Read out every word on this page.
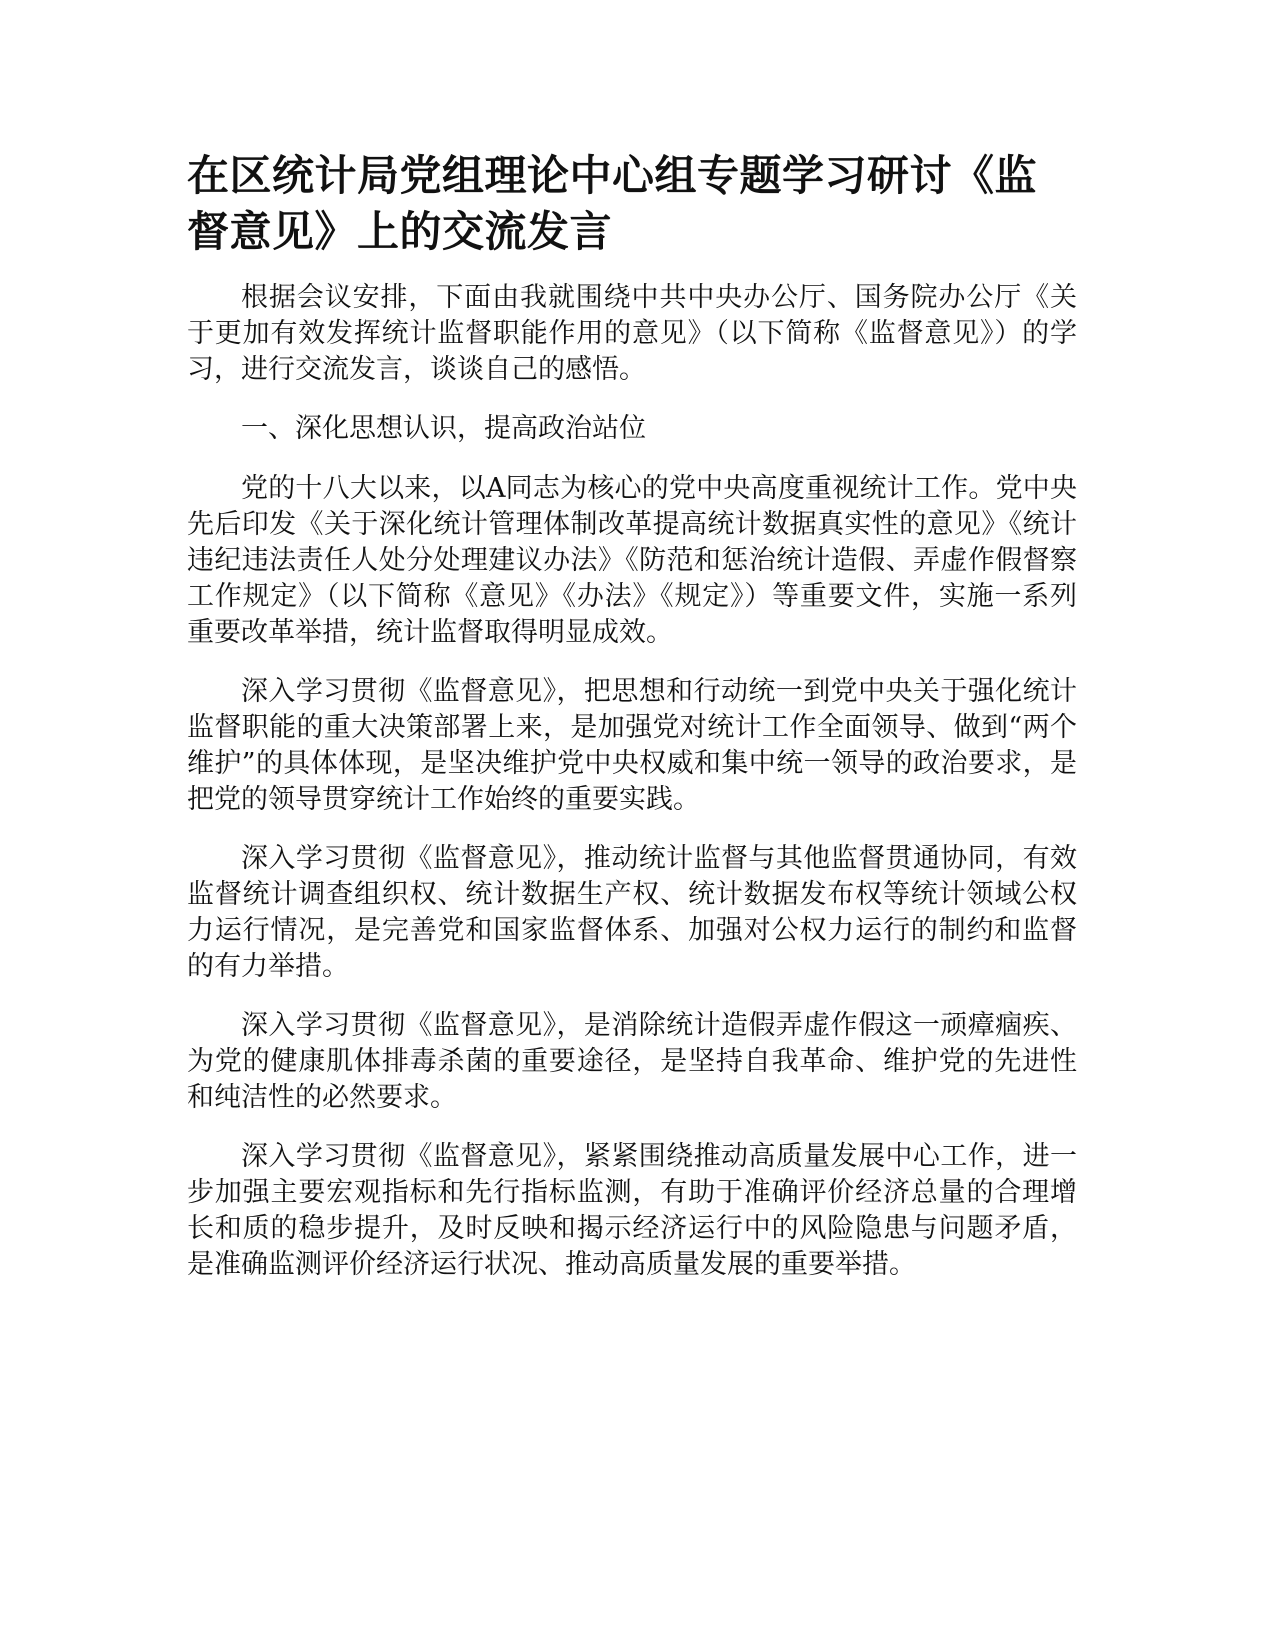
在区统计局党组理论中心组专题学习研讨《监督意见》上的交流发言

根据会议安排，下面由我就围绕中共中央办公厅、国务院办公厅《关于更加有效发挥统计监督职能作用的意见》（以下简称《监督意见》）的学习，进行交流发言，谈谈自己的感悟。

一、深化思想认识，提高政治站位

党的十八大以来，以A同志为核心的党中央高度重视统计工作。党中央先后印发《关于深化统计管理体制改革提高统计数据真实性的意见》《统计违纪违法责任人处分处理建议办法》《防范和惩治统计造假、弄虚作假督察工作规定》（以下简称《意见》《办法》《规定》）等重要文件，实施一系列重要改革举措，统计监督取得明显成效。

深入学习贯彻《监督意见》，把思想和行动统一到党中央关于强化统计监督职能的重大决策部署上来，是加强党对统计工作全面领导、做到“两个维护”的具体体现，是坚决维护党中央权威和集中统一领导的政治要求，是把党的领导贯穿统计工作始终的重要实践。

深入学习贯彻《监督意见》，推动统计监督与其他监督贯通协同，有效监督统计调查组织权、统计数据生产权、统计数据发布权等统计领域公权力运行情况，是完善党和国家监督体系、加强对公权力运行的制约和监督的有力举措。

深入学习贯彻《监督意见》，是消除统计造假弄虚作假这一顽瘴痼疾、为党的健康肌体排毒杀菌的重要途径，是坚持自我革命、维护党的先进性和纯洁性的必然要求。

深入学习贯彻《监督意见》，紧紧围绕推动高质量发展中心工作，进一步加强主要宏观指标和先行指标监测，有助于准确评价经济总量的合理增长和质的稳步提升，及时反映和揭示经济运行中的风险隐患与问题矛盾，是准确监测评价经济运行状况、推动高质量发展的重要举措。
